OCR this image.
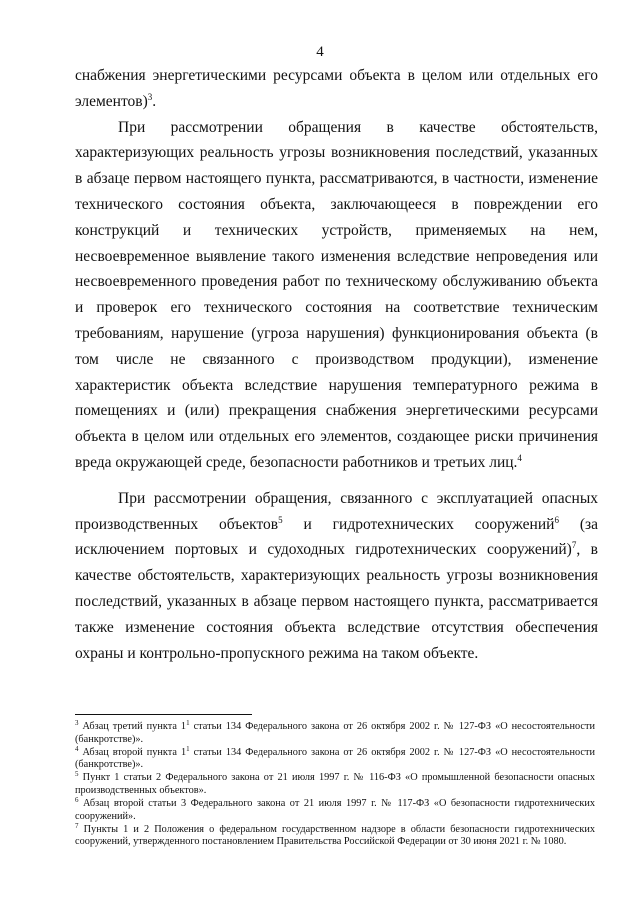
4

снабжения энергетическими ресурсами объекта в целом или отдельных его элементов)$^3$.

При рассмотрении обращения в качестве обстоятельств, характеризующих реальность угрозы возникновения последствий, указанных в абзаце первом настоящего пункта, рассматриваются, в частности, изменение технического состояния объекта, заключающееся в повреждении его конструкций и технических устройств, применяемых на нем, несвоевременное выявление такого изменения вследствие непроведения или несвоевременного проведения работ по техническому обслуживанию объекта и проверок его технического состояния на соответствие техническим требованиям, нарушение (угроза нарушения) функционирования объекта (в том числе не связанного с производством продукции), изменение характеристик объекта вследствие нарушения температурного режима в помещениях и (или) прекращения снабжения энергетическими ресурсами объекта в целом или отдельных его элементов, создающее риски причинения вреда окружающей среде, безопасности работников и третьих лиц.$^4$

При рассмотрении обращения, связанного с эксплуатацией опасных производственных объектов$^5$ и гидротехнических сооружений$^6$ (за исключением портовых и судоходных гидротехнических сооружений)$^7$, в качестве обстоятельств, характеризующих реальность угрозы возникновения последствий, указанных в абзаце первом настоящего пункта, рассматривается также изменение состояния объекта вследствие отсутствия обеспечения охраны и контрольно-пропускного режима на таком объекте.

$^3$ Абзац третий пункта $1^1$ статьи 134 Федерального закона от 26 октября 2002 г. № 127-ФЗ «О несостоятельности (банкротстве)».

$^4$ Абзац второй пункта $1^1$ статьи 134 Федерального закона от 26 октября 2002 г. № 127-ФЗ «О несостоятельности (банкротстве)».

$^5$ Пункт 1 статьи 2 Федерального закона от 21 июля 1997 г. № 116-ФЗ «О промышленной безопасности опасных производственных объектов».

$^6$ Абзац второй статьи 3 Федерального закона от 21 июля 1997 г. № 117-ФЗ «О безопасности гидротехнических сооружений».

$^7$ Пункты 1 и 2 Положения о федеральном государственном надзоре в области безопасности гидротехнических сооружений, утвержденного постановлением Правительства Российской Федерации от 30 июня 2021 г. № 1080.
